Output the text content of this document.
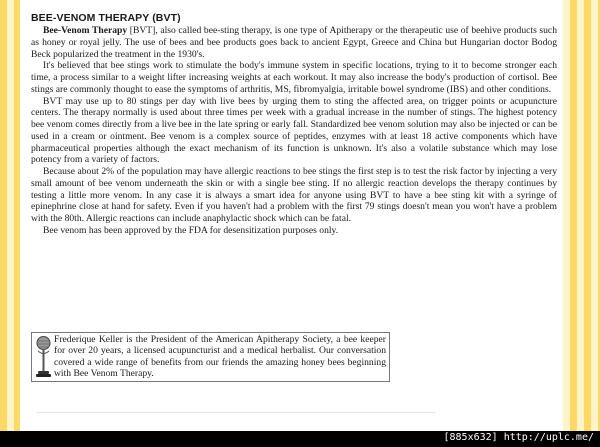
BEE-VENOM THERAPY (BVT)

Bee-Venom Therapy [BVT], also called bee-sting therapy, is one type of Apitherapy or the therapeutic use of beehive products such as honey or royal jelly. The use of bees and bee products goes back to ancient Egypt, Greece and China but Hungarian doctor Bodog Beck popularized the treatment in the 1930's.

It's believed that bee stings work to stimulate the body's immune system in specific locations, trying to it to become stronger each time, a process similar to a weight lifter increasing weights at each workout. It may also increase the body's production of cortisol. Bee stings are commonly thought to ease the symptoms of arthritis, MS, fibromyalgia, irritable bowel syndrome (IBS) and other conditions.

BVT may use up to 80 stings per day with live bees by urging them to sting the affected area, on trigger points or acupuncture centers. The therapy normally is used about three times per week with a gradual increase in the number of stings. The highest potency bee venom comes directly from a live bee in the late spring or early fall. Standardized bee venom solution may also be injected or can be used in a cream or ointment. Bee venom is a complex source of peptides, enzymes with at least 18 active components which have pharmaceutical properties although the exact mechanism of its function is unknown. It's also a volatile substance which may lose potency from a variety of factors.

Because about 2% of the population may have allergic reactions to bee stings the first step is to test the risk factor by injecting a very small amount of bee venom underneath the skin or with a single bee sting. If no allergic reaction develops the therapy continues by testing a little more venom. In any case it is always a smart idea for anyone using BVT to have a bee sting kit with a syringe of epinephrine close at hand for safety. Even if you haven't had a problem with the first 79 stings doesn't mean you won't have a problem with the 80th. Allergic reactions can include anaphylactic shock which can be fatal.

Bee venom has been approved by the FDA for desensitization purposes only.

Frederique Keller is the President of the American Apitherapy Society, a bee keeper for over 20 years, a licensed acupuncturist and a medical herbalist. Our conversation covered a wide range of benefits from our friends the amazing honey bees beginning with Bee Venom Therapy.
[885x632] http://uplc.me/
